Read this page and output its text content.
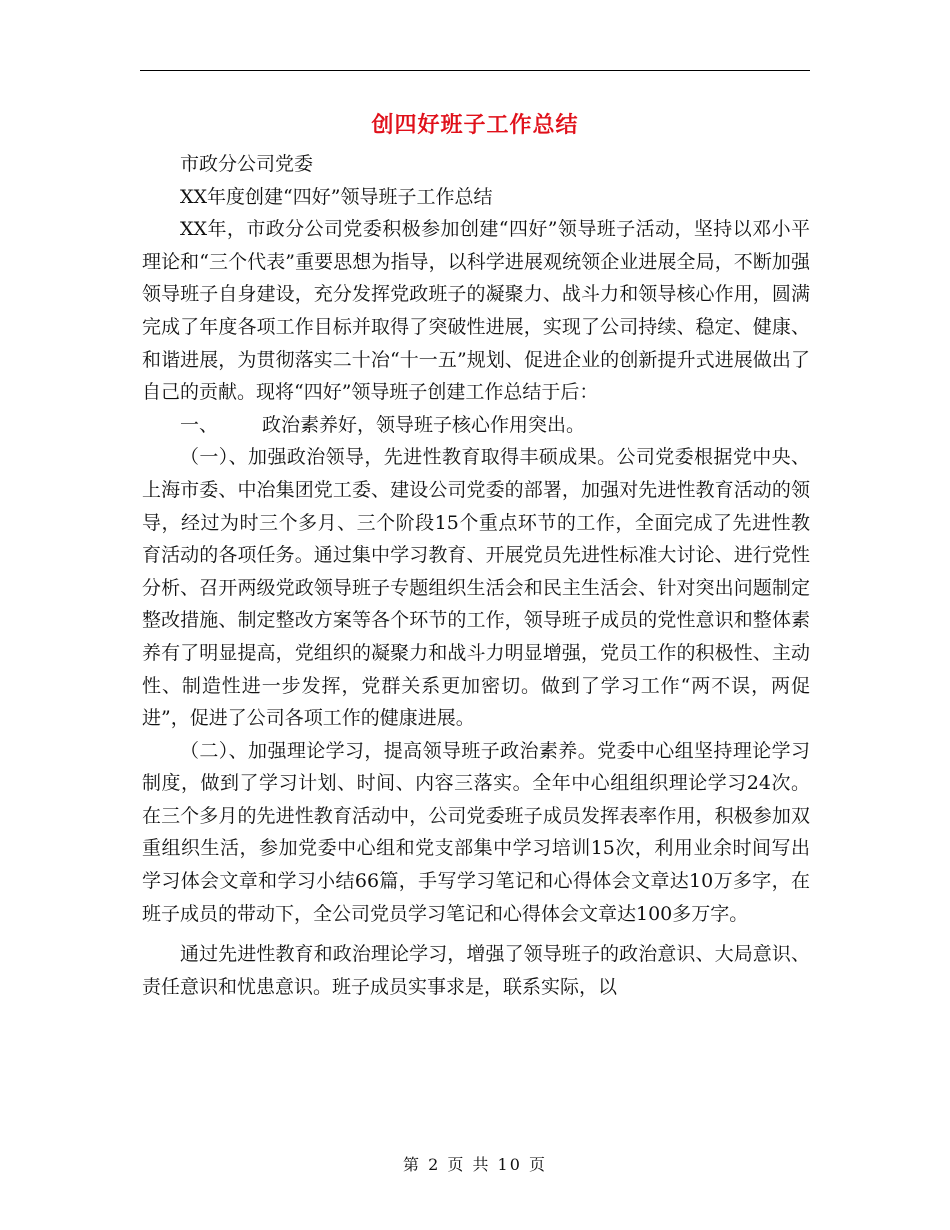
创四好班子工作总结

市政分公司党委

XX年度创建“四好”领导班子工作总结

XX年，市政分公司党委积极参加创建“四好”领导班子活动，坚持以邓小平理论和“三个代表”重要思想为指导，以科学进展观统领企业进展全局，不断加强领导班子自身建设，充分发挥党政班子的凝聚力、战斗力和领导核心作用，圆满完成了年度各项工作目标并取得了突破性进展，实现了公司持续、稳定、健康、和谐进展，为贯彻落实二十冶“十一五”规划、促进企业的创新提升式进展做出了自己的贡献。现将“四好”领导班子创建工作总结于后：

一、 政治素养好，领导班子核心作用突出。

（一）、加强政治领导，先进性教育取得丰硕成果。公司党委根据党中央、上海市委、中冶集团党工委、建设公司党委的部署，加强对先进性教育活动的领导，经过为时三个多月、三个阶段15个重点环节的工作，全面完成了先进性教育活动的各项任务。通过集中学习教育、开展党员先进性标准大讨论、进行党性分析、召开两级党政领导班子专题组织生活会和民主生活会、针对突出问题制定整改措施、制定整改方案等各个环节的工作，领导班子成员的党性意识和整体素养有了明显提高，党组织的凝聚力和战斗力明显增强，党员工作的积极性、主动性、制造性进一步发挥，党群关系更加密切。做到了学习工作“两不误，两促进”，促进了公司各项工作的健康进展。

（二）、加强理论学习，提高领导班子政治素养。党委中心组坚持理论学习制度，做到了学习计划、时间、内容三落实。全年中心组组织理论学习24次。在三个多月的先进性教育活动中，公司党委班子成员发挥表率作用，积极参加双重组织生活，参加党委中心组和党支部集中学习培训15次，利用业余时间写出学习体会文章和学习小结66篇，手写学习笔记和心得体会文章达10万多字，在班子成员的带动下，全公司党员学习笔记和心得体会文章达100多万字。

通过先进性教育和政治理论学习，增强了领导班子的政治意识、大局意识、责任意识和忧患意识。班子成员实事求是，联系实际，以

第 2 页 共 10 页
